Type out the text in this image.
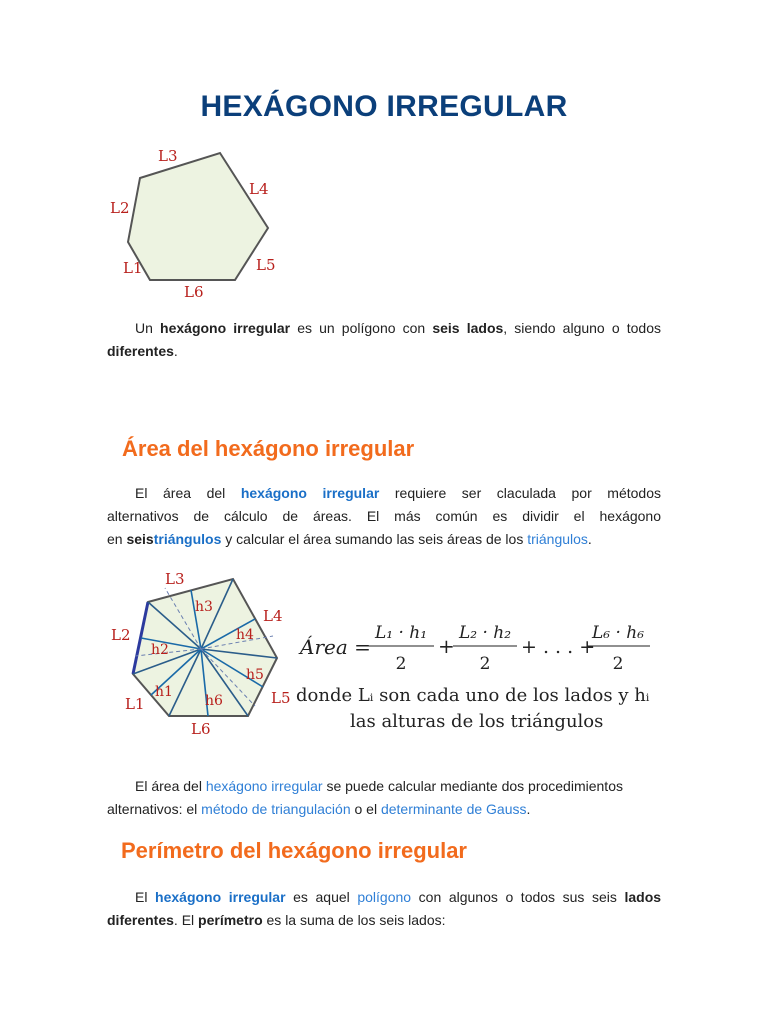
HEXÁGONO IRREGULAR
L3
L4
L2
L5
L1
L6
Un hexágono irregular es un polígono con seis lados, siendo alguno o todos
diferentes.
Área del hexágono irregular
El área del hexágono irregular requiere ser claculada por métodos
alternativos de cálculo de áreas. El más común es dividir el hexágono
en seistriángulos y calcular el área sumando las seis áreas de los triángulos.
L3
L4
L2
L5
L1
L6
h3
h4
h2
h5
h1
h6
Área =
L₁ · h₁
2
+
L₂ · h₂
2
+ . . . +
L₆ · h₆
2
donde Lᵢ son cada uno de los lados y hᵢ
las alturas de los triángulos
El área del hexágono irregular se puede calcular mediante dos procedimientos
alternativos: el método de triangulación o el determinante de Gauss.
Perímetro del hexágono irregular
El hexágono irregular es aquel polígono con algunos o todos sus seis lados
diferentes. El perímetro es la suma de los seis lados:
